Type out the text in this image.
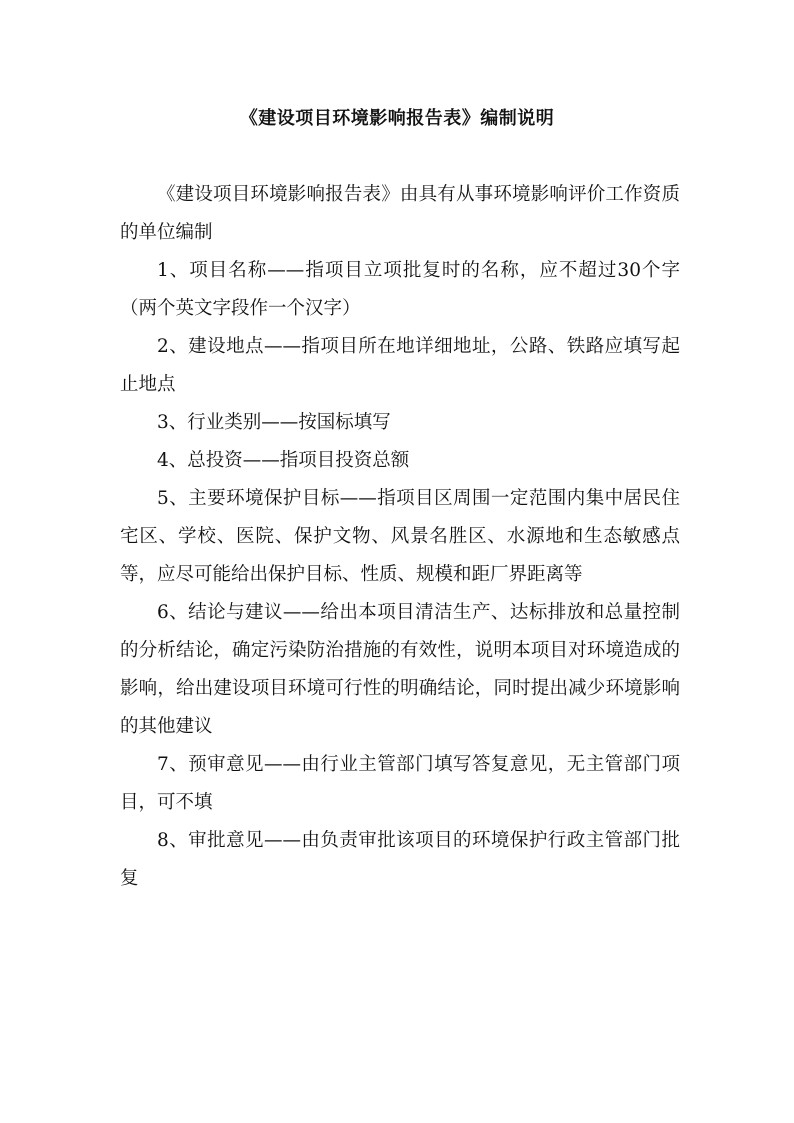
《建设项目环境影响报告表》编制说明

《建设项目环境影响报告表》由具有从事环境影响评价工作资质的单位编制

1、项目名称——指项目立项批复时的名称，应不超过30个字（两个英文字段作一个汉字）

2、建设地点——指项目所在地详细地址，公路、铁路应填写起止地点

3、行业类别——按国标填写

4、总投资——指项目投资总额

5、主要环境保护目标——指项目区周围一定范围内集中居民住宅区、学校、医院、保护文物、风景名胜区、水源地和生态敏感点等，应尽可能给出保护目标、性质、规模和距厂界距离等

6、结论与建议——给出本项目清洁生产、达标排放和总量控制的分析结论，确定污染防治措施的有效性，说明本项目对环境造成的影响，给出建设项目环境可行性的明确结论，同时提出减少环境影响的其他建议

7、预审意见——由行业主管部门填写答复意见，无主管部门项目，可不填

8、审批意见——由负责审批该项目的环境保护行政主管部门批复
